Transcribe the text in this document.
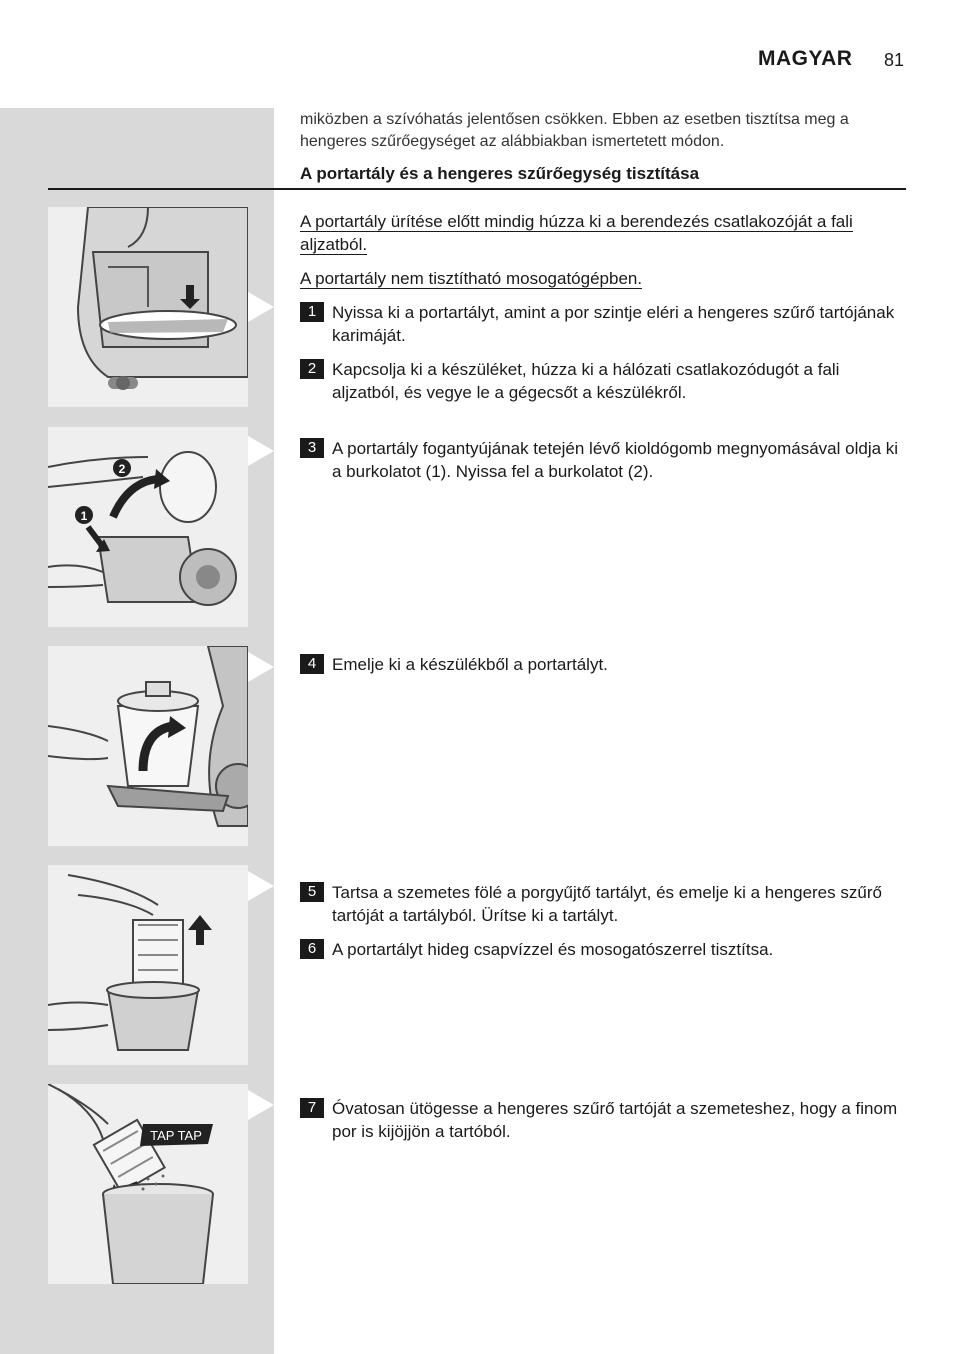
MAGYAR 81
miközben a szívóhatás jelentősen csökken. Ebben az esetben tisztítsa meg a hengeres szűrőegységet az alábbiakban ismertetett módon.
A portartály és a hengeres szűrőegység tisztítása
2
1
TAP TAP
A portartály ürítése előtt mindig húzza ki a berendezés csatlakozóját a fali aljzatból.
A portartály nem tisztítható mosogatógépben.
1 Nyissa ki a portartályt, amint a por szintje eléri a hengeres szűrő tartójának karimáját.
2 Kapcsolja ki a készüléket, húzza ki a hálózati csatlakozódugót a fali aljzatból, és vegye le a gégecsőt a készülékről.
3 A portartály fogantyújának tetején lévő kioldógomb megnyomásával oldja ki a burkolatot (1). Nyissa fel a burkolatot (2).
4 Emelje ki a készülékből a portartályt.
5 Tartsa a szemetes fölé a porgyűjtő tartályt, és emelje ki a hengeres szűrő tartóját a tartályból. Ürítse ki a tartályt.
6 A portartályt hideg csapvízzel és mosogatószerrel tisztítsa.
7 Óvatosan ütögesse a hengeres szűrő tartóját a szemeteshez, hogy a finom por is kijöjjön a tartóból.
